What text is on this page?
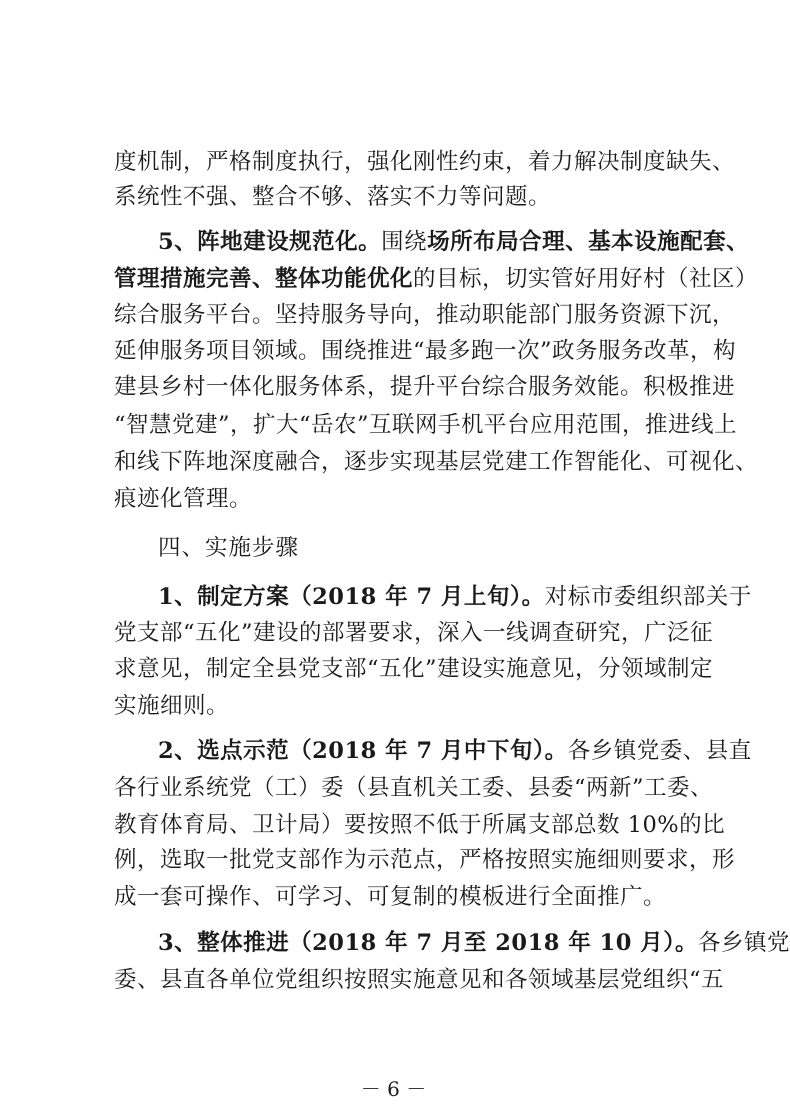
度机制，严格制度执行，强化刚性约束，着力解决制度缺失、
系统性不强、整合不够、落实不力等问题。
5、阵地建设规范化。围绕场所布局合理、基本设施配套、
管理措施完善、整体功能优化的目标，切实管好用好村（社区）
综合服务平台。坚持服务导向，推动职能部门服务资源下沉，
延伸服务项目领域。围绕推进“最多跑一次”政务服务改革，构
建县乡村一体化服务体系，提升平台综合服务效能。积极推进
“智慧党建”，扩大“岳农”互联网手机平台应用范围，推进线上
和线下阵地深度融合，逐步实现基层党建工作智能化、可视化、
痕迹化管理。
四、实施步骤
1、制定方案（2018 年 7 月上旬）。对标市委组织部关于
党支部“五化”建设的部署要求，深入一线调查研究，广泛征
求意见，制定全县党支部“五化”建设实施意见，分领域制定
实施细则。
2、选点示范（2018 年 7 月中下旬）。各乡镇党委、县直
各行业系统党（工）委（县直机关工委、县委“两新”工委、
教育体育局、卫计局）要按照不低于所属支部总数 10%的比
例，选取一批党支部作为示范点，严格按照实施细则要求，形
成一套可操作、可学习、可复制的模板进行全面推广。
3、整体推进（2018 年 7 月至 2018 年 10 月）。各乡镇党
委、县直各单位党组织按照实施意见和各领域基层党组织“五
－ 6 －
